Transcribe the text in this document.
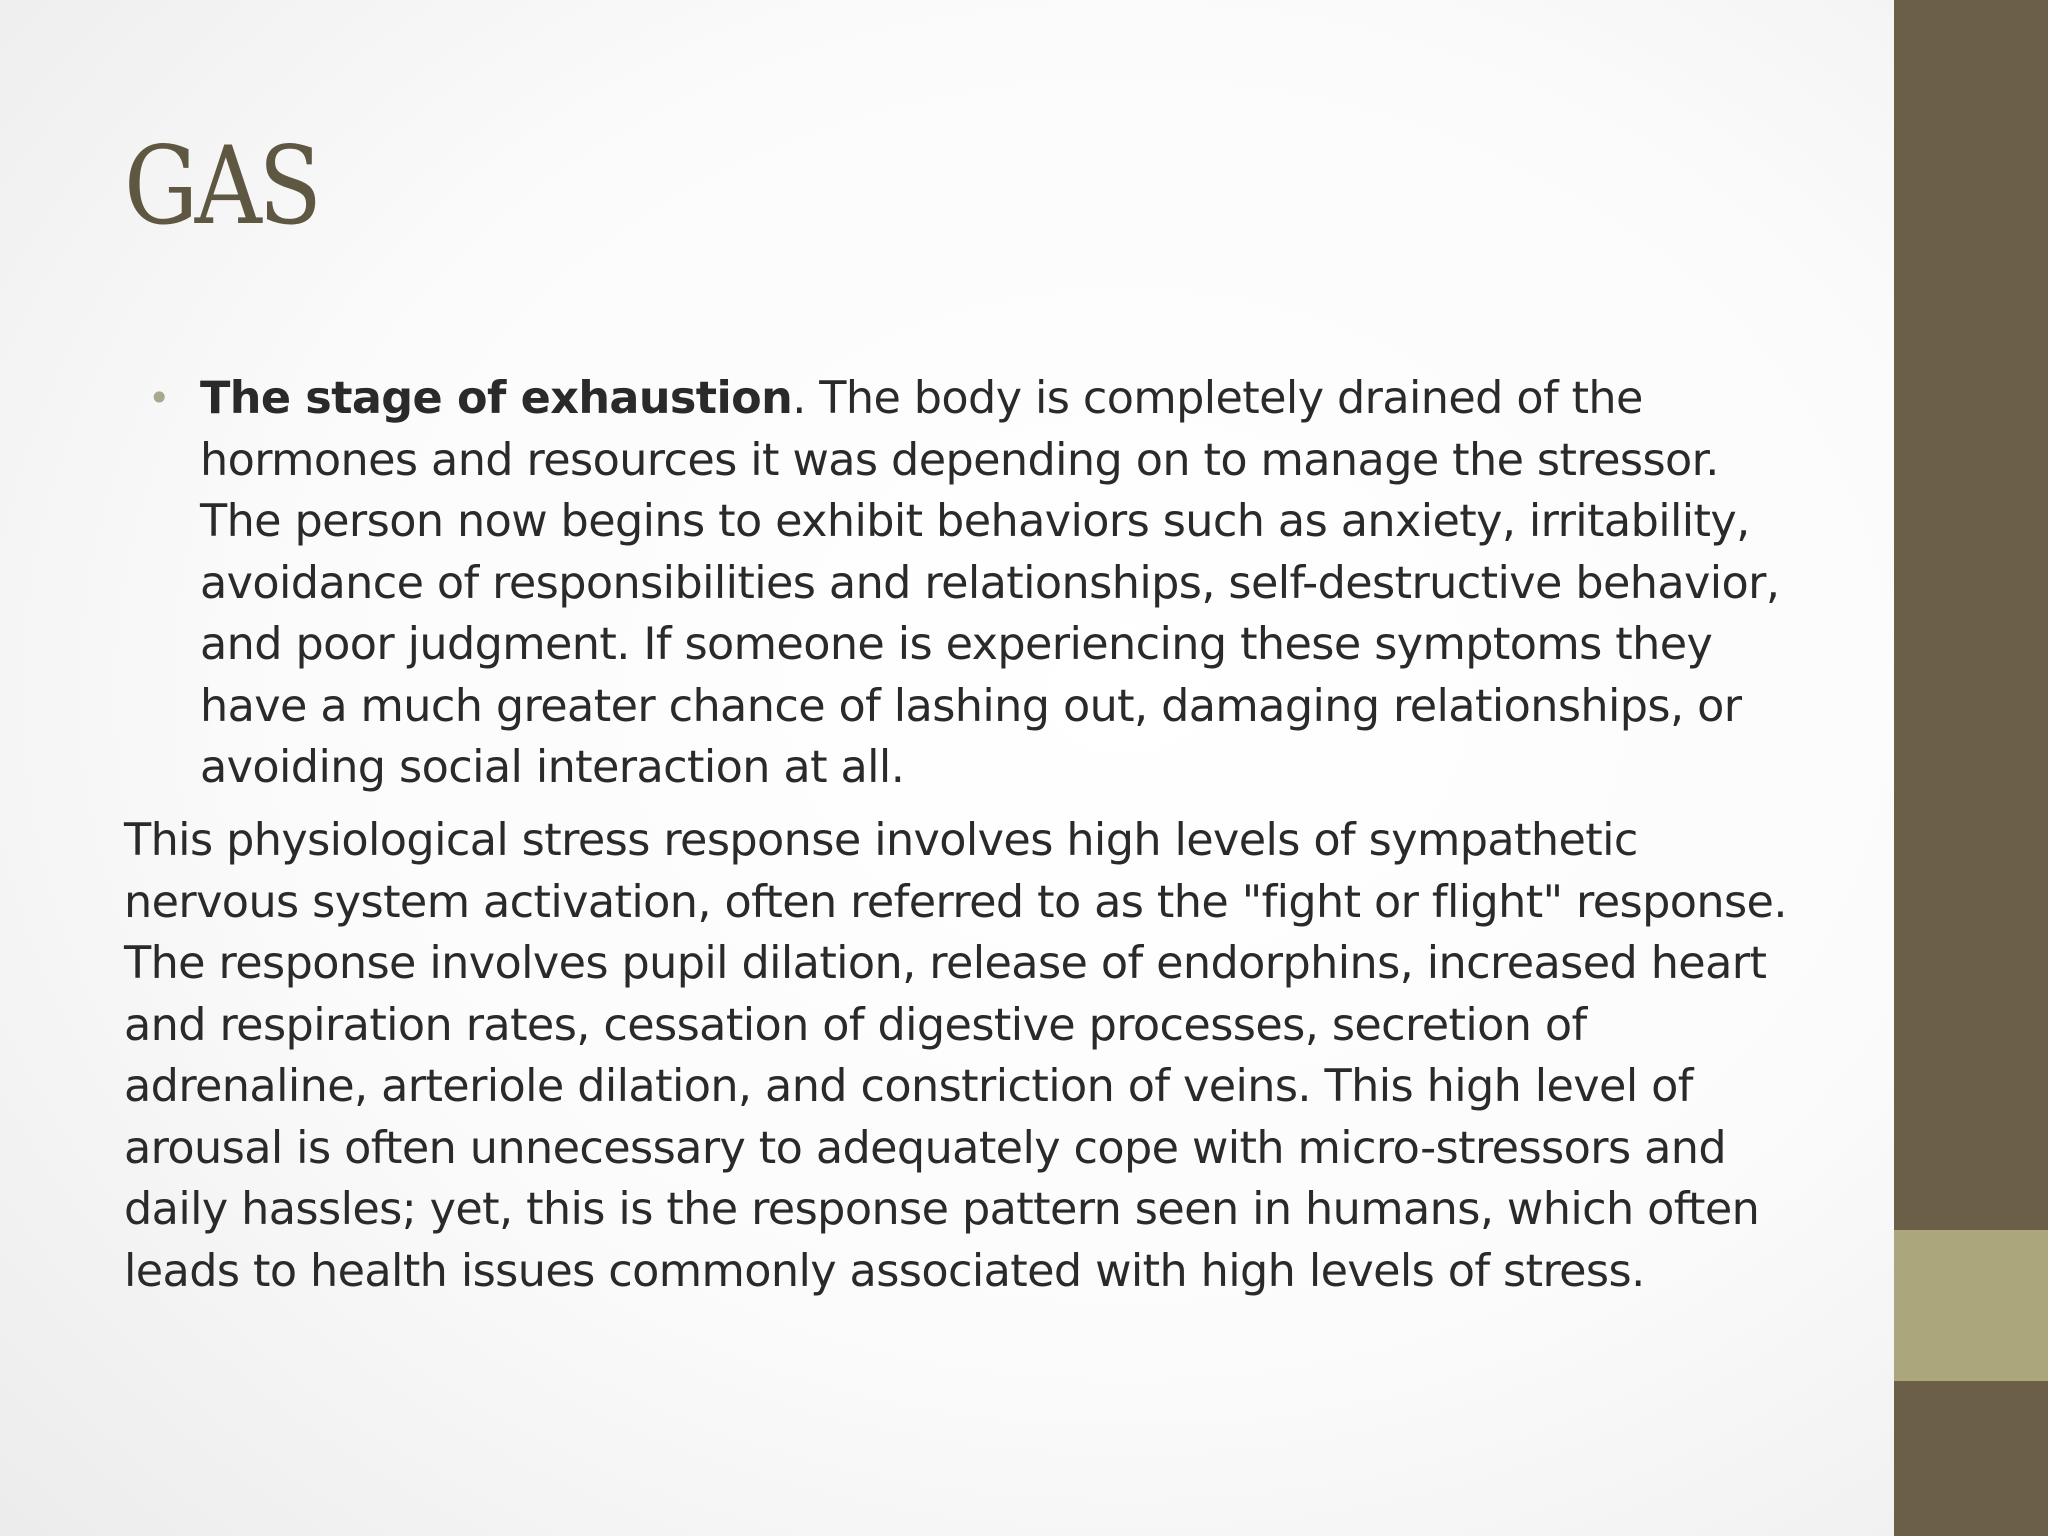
GAS
• The stage of exhaustion. The body is completely drained of the hormones and resources it was depending on to manage the stressor. The person now begins to exhibit behaviors such as anxiety, irritability, avoidance of responsibilities and relationships, self-destructive behavior, and poor judgment. If someone is experiencing these symptoms they have a much greater chance of lashing out, damaging relationships, or avoiding social interaction at all.

This physiological stress response involves high levels of sympathetic nervous system activation, often referred to as the "fight or flight" response. The response involves pupil dilation, release of endorphins, increased heart and respiration rates, cessation of digestive processes, secretion of adrenaline, arteriole dilation, and constriction of veins. This high level of arousal is often unnecessary to adequately cope with micro-stressors and daily hassles; yet, this is the response pattern seen in humans, which often leads to health issues commonly associated with high levels of stress.
